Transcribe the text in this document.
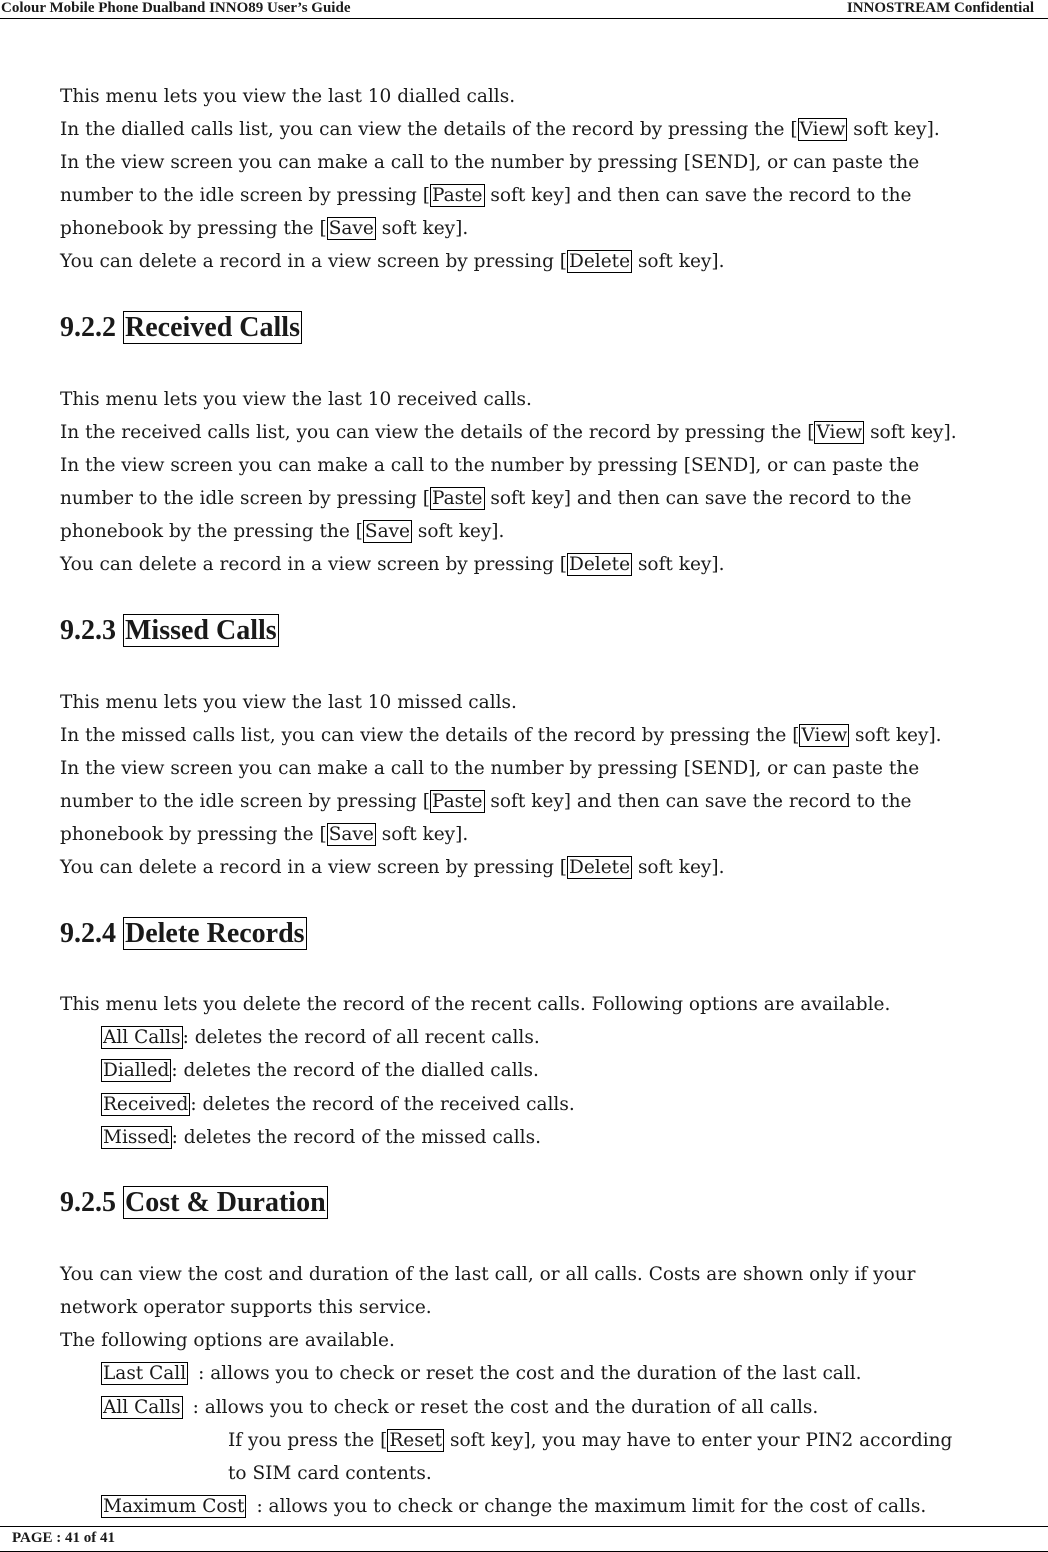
Colour Mobile Phone Dualband INNO89 User’s Guide	INNOSTREAM Confidential
This menu lets you view the last 10 dialled calls.
In the dialled calls list, you can view the details of the record by pressing the [ View soft key].
In the view screen you can make a call to the number by pressing [SEND], or can paste the
number to the idle screen by pressing [ Paste soft key] and then can save the record to the
phonebook by pressing the [ Save soft key].
You can delete a record in a view screen by pressing [ Delete soft key].
9.2.2 Received Calls
This menu lets you view the last 10 received calls.
In the received calls list, you can view the details of the record by pressing the [ View soft key].
In the view screen you can make a call to the number by pressing [SEND], or can paste the
number to the idle screen by pressing [ Paste soft key] and then can save the record to the
phonebook by the pressing the [ Save soft key].
You can delete a record in a view screen by pressing [ Delete soft key].
9.2.3 Missed Calls
This menu lets you view the last 10 missed calls.
In the missed calls list, you can view the details of the record by pressing the [ View soft key].
In the view screen you can make a call to the number by pressing [SEND], or can paste the
number to the idle screen by pressing [ Paste soft key] and then can save the record to the
phonebook by pressing the [ Save soft key].
You can delete a record in a view screen by pressing [ Delete soft key].
9.2.4 Delete Records
This menu lets you delete the record of the recent calls. Following options are available.
All Calls : deletes the record of all recent calls.
Dialled : deletes the record of the dialled calls.
Received : deletes the record of the received calls.
Missed : deletes the record of the missed calls.
9.2.5 Cost & Duration
You can view the cost and duration of the last call, or all calls. Costs are shown only if your
network operator supports this service.
The following options are available.
Last Call : allows you to check or reset the cost and the duration of the last call.
All Calls : allows you to check or reset the cost and the duration of all calls.
If you press the [ Reset soft key], you may have to enter your PIN2 according
to SIM card contents.
Maximum Cost : allows you to check or change the maximum limit for the cost of calls.
PAGE : 41 of 41
